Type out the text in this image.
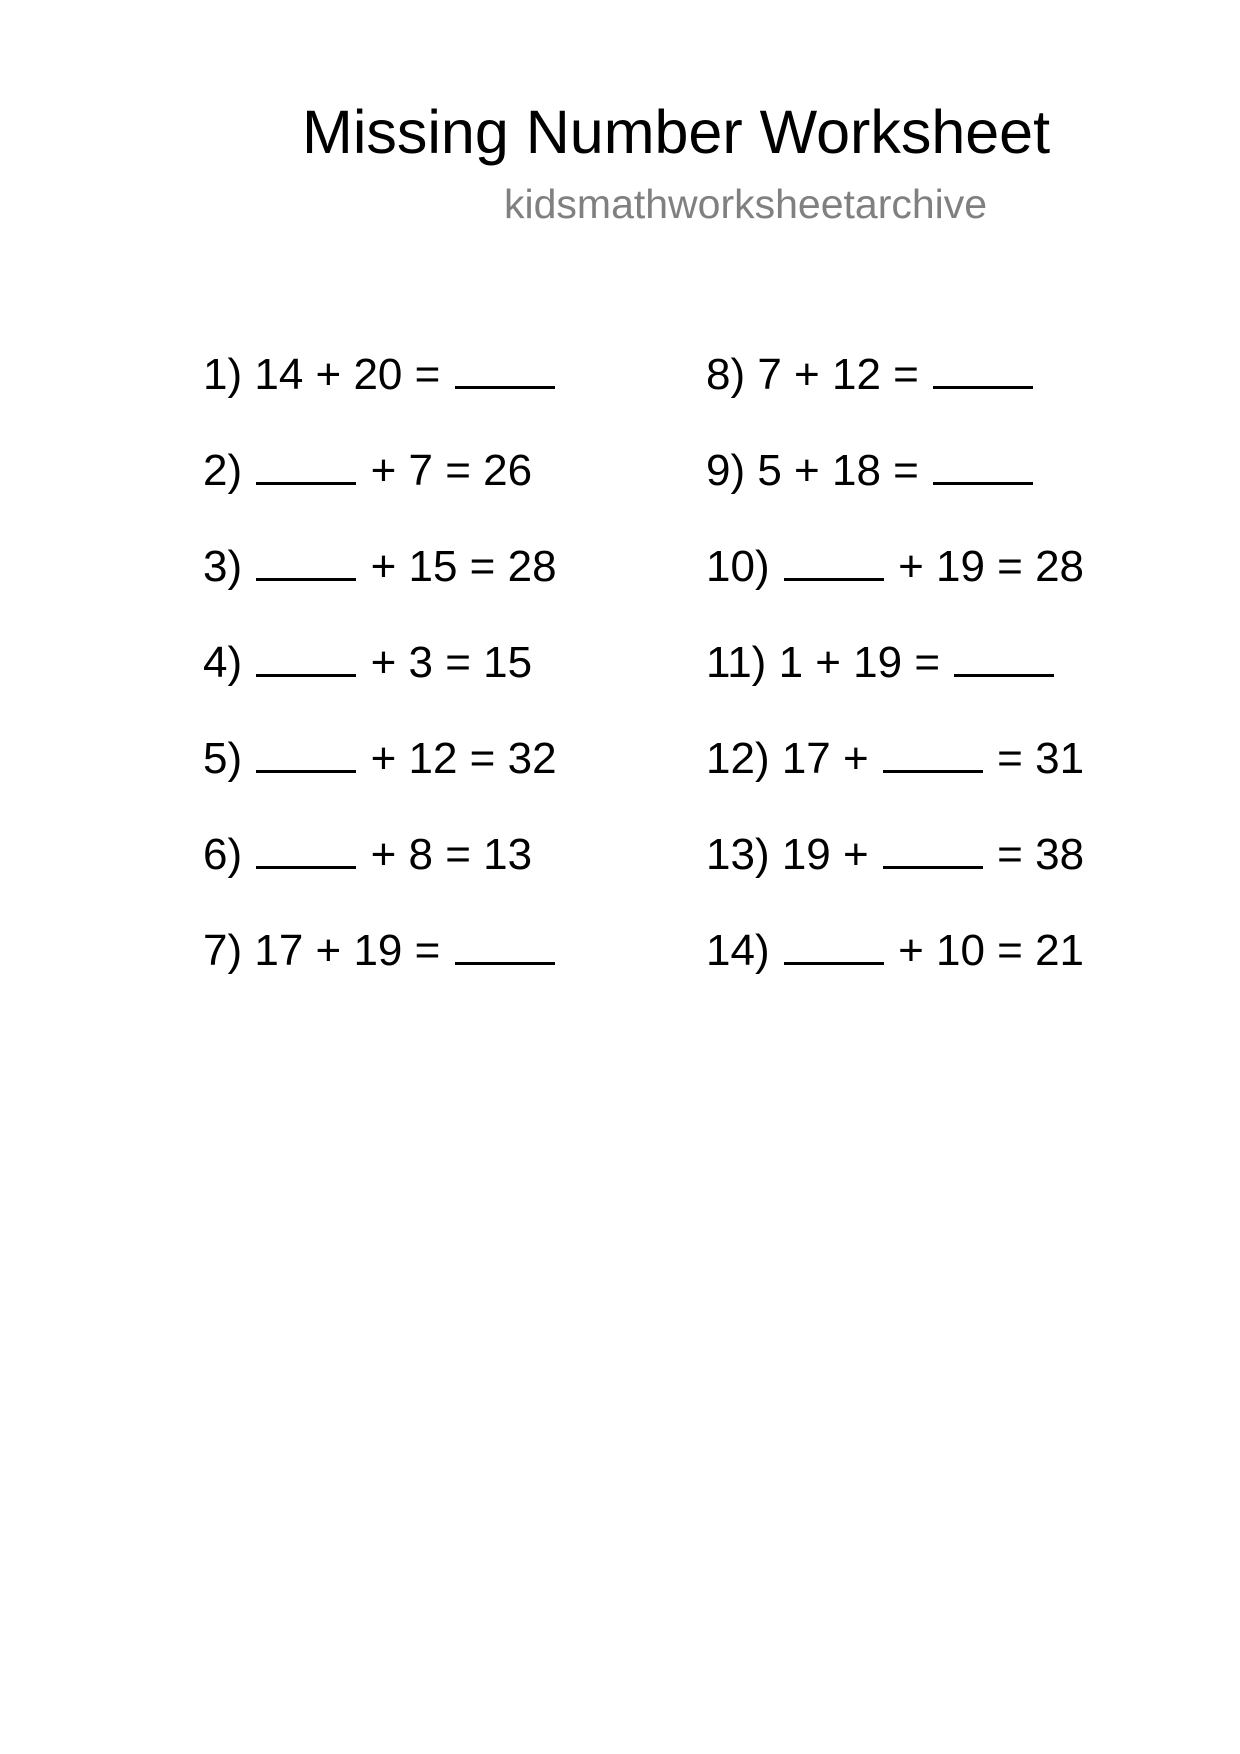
Missing Number Worksheet
kidsmathworksheetarchive
1) 14 + 20 =
2)	+ 7 = 26
3)	+ 15 = 28
4)	+ 3 = 15
5)	+ 12 = 32
6)	+ 8 = 13
7) 17 + 19 =
8) 7 + 12 =
9) 5 + 18 =
10)	+ 19 = 28
11) 1 + 19 =
12) 17 +	= 31
13) 19 +	= 38
14)	+ 10 = 21
